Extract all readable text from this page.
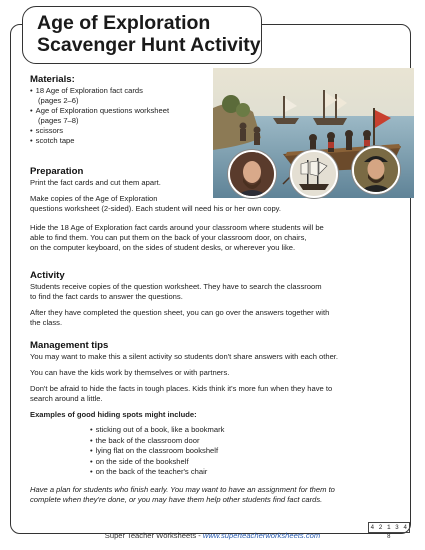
Age of Exploration
Scavenger Hunt Activity
Materials:
• 18 Age of Exploration fact cards
(pages 2–6)
• Age of Exploration questions worksheet
(pages 7–8)
• scissors
• scotch tape
Preparation

Print the fact cards and cut them apart.

Make copies of the Age of Exploration

questions worksheet (2-sided). Each student will need his or her own copy.

Hide the 18 Age of Exploration fact cards around your classroom where students will be

able to find them. You can put them on the back of your classroom door, on chairs,

on the computer keyboard, on the sides of student desks, or wherever you like.

Activity

Students receive copies of the question worksheet. They have to search the classroom

to find the fact cards to answer the questions.

After they have completed the question sheet, you can go over the answers together with

the class.

Management tips

You may want to make this a silent activity so students don't share answers with each other.

You can have the kids work by themselves or with partners.

Don't be afraid to hide the facts in tough places. Kids think it's more fun when they have to

search around a little.

Examples of good hiding spots might include:

• sticking out of a book, like a bookmark
• the back of the classroom door
• lying flat on the classroom bookshelf
• on the side of the bookshelf
• on the back of the teacher's chair

Have a plan for students who finish early. You may want to have an assignment for them to

complete when they're done, or you may have them help other students find fact cards.

4 2 1 3 4 8
Super Teacher Worksheets - www.superteacherworksheets.com
